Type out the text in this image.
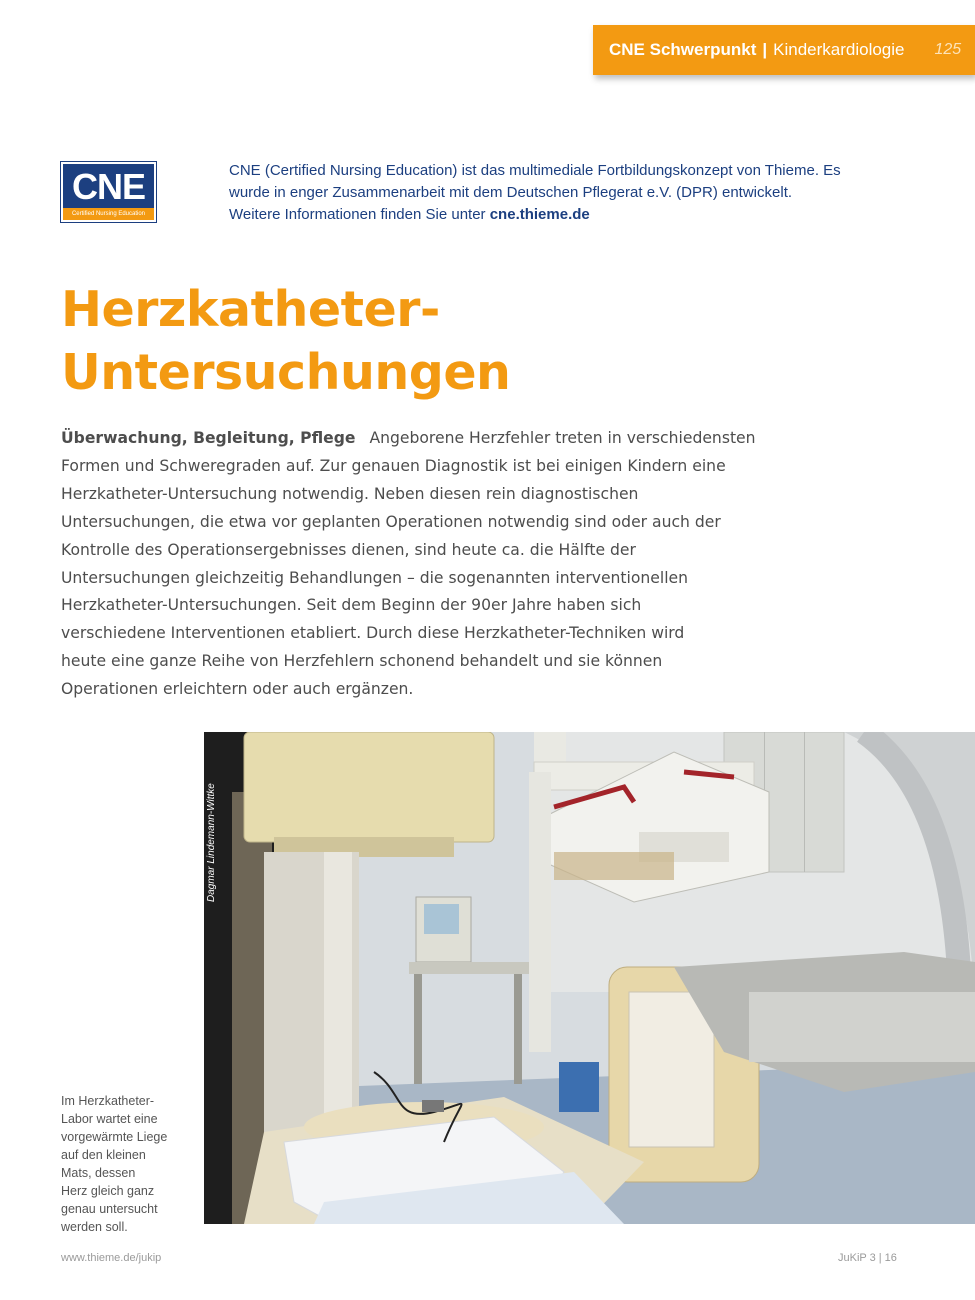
CNE Schwerpunkt | Kinderkardiologie 125
CNE
Certified Nursing Education
CNE (Certified Nursing Education) ist das multimediale Fortbildungskonzept von Thieme. Es
wurde in enger Zusammenarbeit mit dem Deutschen Pflegerat e.V. (DPR) entwickelt.
Weitere Informationen finden Sie unter cne.thieme.de
Herzkatheter-
Untersuchungen
Überwachung, Begleitung, Pflege Angeborene Herzfehler treten in verschiedensten
Formen und Schweregraden auf. Zur genauen Diagnostik ist bei einigen Kindern eine
Herzkatheter-Untersuchung notwendig. Neben diesen rein diagnostischen
Untersuchungen, die etwa vor geplanten Operationen notwendig sind oder auch der
Kontrolle des Operationsergebnisses dienen, sind heute ca. die Hälfte der
Untersuchungen gleichzeitig Behandlungen – die sogenannten interventionellen
Herzkatheter-Untersuchungen. Seit dem Beginn der 90er Jahre haben sich
verschiedene Interventionen etabliert. Durch diese Herzkatheter-Techniken wird
heute eine ganze Reihe von Herzfehlern schonend behandelt und sie können
Operationen erleichtern oder auch ergänzen.
Dagmar Lindemann-Wittke
Im Herzkatheter-
Labor wartet eine
vorgewärmte Liege
auf den kleinen
Mats, dessen
Herz gleich ganz
genau untersucht
werden soll.
www.thieme.de/jukip	JuKiP 3 | 16
